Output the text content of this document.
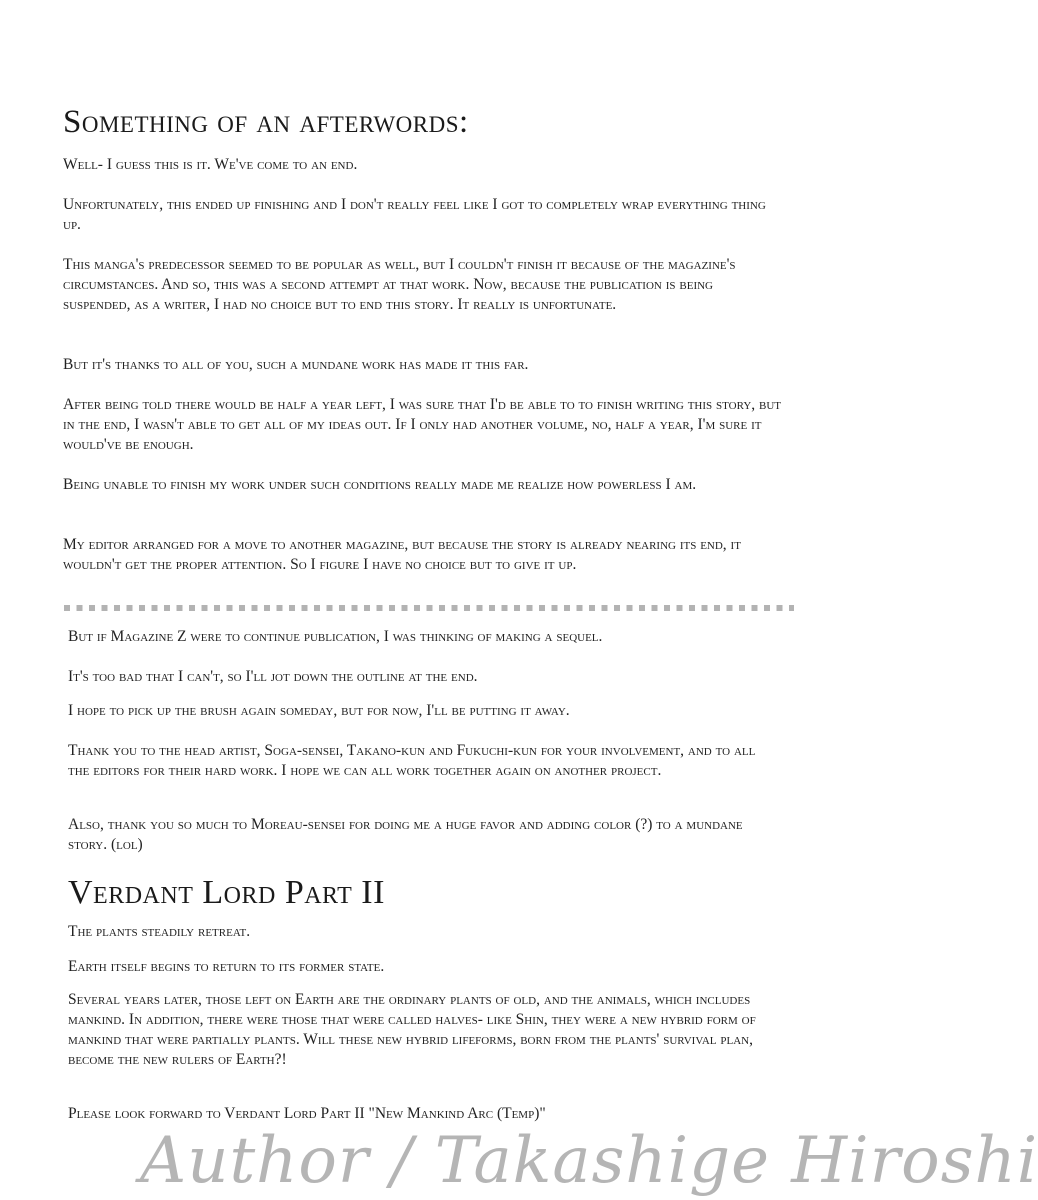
Something of an afterwords:

Well- I guess this is it. We've come to an end.

Unfortunately, this ended up finishing and I don't really feel like I got to completely wrap everything thing up.

This manga's predecessor seemed to be popular as well, but I couldn't finish it because of the magazine's circumstances. And so, this was a second attempt at that work. Now, because the publication is being suspended, as a writer, I had no choice but to end this story. It really is unfortunate.

But it's thanks to all of you, such a mundane work has made it this far.

After being told there would be half a year left, I was sure that I'd be able to to finish writing this story, but in the end, I wasn't able to get all of my ideas out. If I only had another volume, no, half a year, I'm sure it would've be enough.

Being unable to finish my work under such conditions really made me realize how powerless I am.

My editor arranged for a move to another magazine, but because the story is already nearing its end, it wouldn't get the proper attention. So I figure I have no choice but to give it up.

But if Magazine Z were to continue publication, I was thinking of making a sequel.

It's too bad that I can't, so I'll jot down the outline at the end.

I hope to pick up the brush again someday, but for now, I'll be putting it away.

Thank you to the head artist, Soga-sensei, Takano-kun and Fukuchi-kun for your involvement, and to all the editors for their hard work. I hope we can all work together again on another project.

Also, thank you so much to Moreau-sensei for doing me a huge favor and adding color (?) to a mundane story. (lol)

Verdant Lord Part II

The plants steadily retreat.

Earth itself begins to return to its former state.

Several years later, those left on Earth are the ordinary plants of old, and the animals, which includes mankind. In addition, there were those that were called halves- like Shin, they were a new hybrid form of mankind that were partially plants. Will these new hybrid lifeforms, born from the plants' survival plan, become the new rulers of Earth?!

Please look forward to Verdant Lord Part II "New Mankind Arc (Temp)"

Author / Takashige Hiroshi
